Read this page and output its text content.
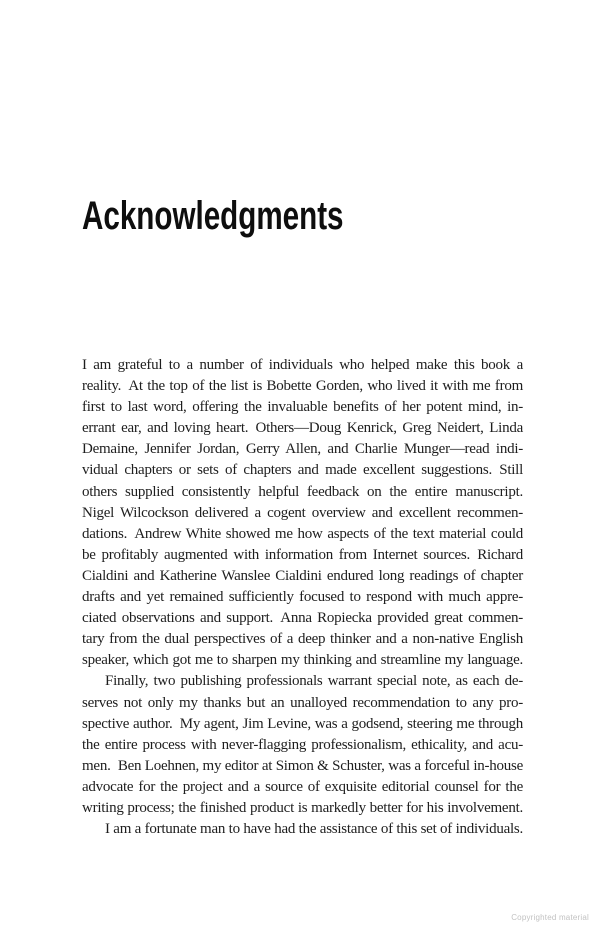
Acknowledgments

I am grateful to a number of individuals who helped make this book a
reality. At the top of the list is Bobette Gorden, who lived it with me from
first to last word, offering the invaluable benefits of her potent mind, in-
errant ear, and loving heart. Others—Doug Kenrick, Greg Neidert, Linda
Demaine, Jennifer Jordan, Gerry Allen, and Charlie Munger—read indi-
vidual chapters or sets of chapters and made excellent suggestions. Still
others supplied consistently helpful feedback on the entire manuscript.
Nigel Wilcockson delivered a cogent overview and excellent recommen-
dations. Andrew White showed me how aspects of the text material could
be profitably augmented with information from Internet sources. Richard
Cialdini and Katherine Wanslee Cialdini endured long readings of chapter
drafts and yet remained sufficiently focused to respond with much appre-
ciated observations and support. Anna Ropiecka provided great commen-
tary from the dual perspectives of a deep thinker and a non-native English
speaker, which got me to sharpen my thinking and streamline my language.

Finally, two publishing professionals warrant special note, as each de-
serves not only my thanks but an unalloyed recommendation to any pro-
spective author. My agent, Jim Levine, was a godsend, steering me through
the entire process with never-flagging professionalism, ethicality, and acu-
men. Ben Loehnen, my editor at Simon & Schuster, was a forceful in-house
advocate for the project and a source of exquisite editorial counsel for the
writing process; the finished product is markedly better for his involvement.

I am a fortunate man to have had the assistance of this set of individuals.

Copyrighted material
